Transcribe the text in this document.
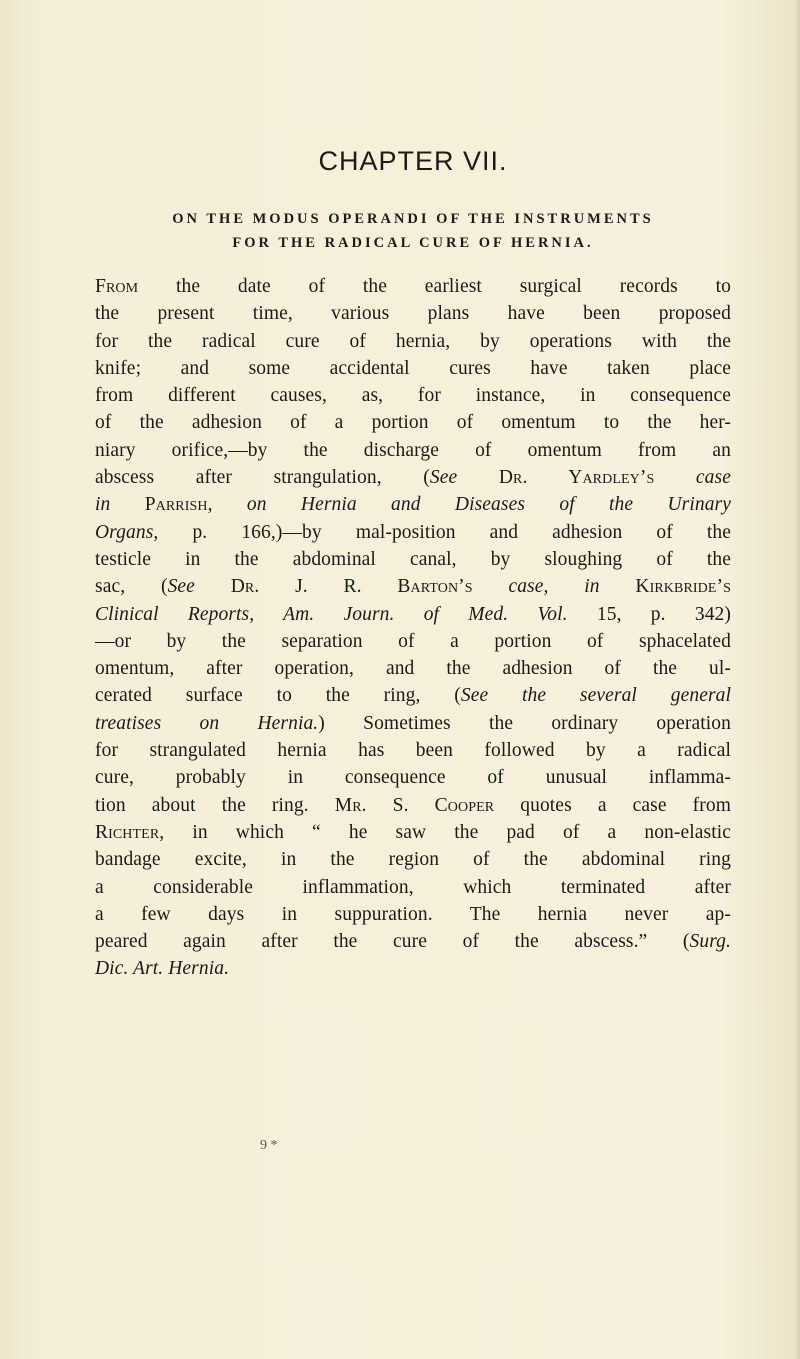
CHAPTER VII.
ON THE MODUS OPERANDI OF THE INSTRUMENTS
FOR THE RADICAL CURE OF HERNIA.
From the date of the earliest surgical records to
the present time, various plans have been proposed
for the radical cure of hernia, by operations with the
knife; and some accidental cures have taken place
from different causes, as, for instance, in consequence
of the adhesion of a portion of omentum to the her-
niary orifice,—by the discharge of omentum from an
abscess after strangulation, (See Dr. Yardley’s case
in Parrish, on Hernia and Diseases of the Urinary
Organs, p. 166,)—by mal-position and adhesion of the
testicle in the abdominal canal, by sloughing of the
sac, (See Dr. J. R. Barton’s case, in Kirkbride’s
Clinical Reports, Am. Journ. of Med. Vol. 15, p. 342)
—or by the separation of a portion of sphacelated
omentum, after operation, and the adhesion of the ul-
cerated surface to the ring, (See the several general
treatises on Hernia.) Sometimes the ordinary operation
for strangulated hernia has been followed by a radical
cure, probably in consequence of unusual inflamma-
tion about the ring. Mr. S. Cooper quotes a case from
Richter, in which “ he saw the pad of a non-elastic
bandage excite, in the region of the abdominal ring
a considerable inflammation, which terminated after
a few days in suppuration. The hernia never ap-
peared again after the cure of the abscess.” (Surg.
Dic. Art. Hernia.
9 *
